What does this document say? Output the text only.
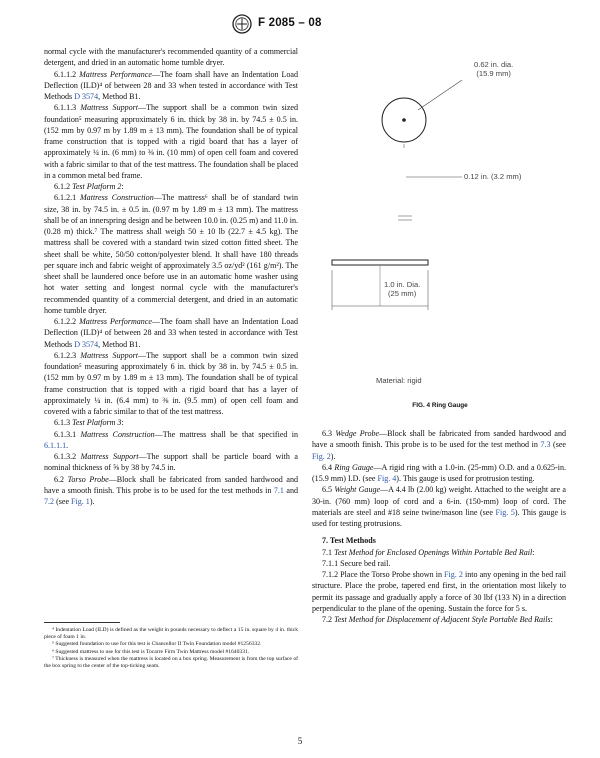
F 2085 – 08

normal cycle with the manufacturer's recommended quantity of a commercial detergent, and dried in an automatic home tumble dryer.

6.1.1.2 Mattress Performance—The foam shall have an Indentation Load Deflection (ILD)⁴ of between 28 and 33 when tested in accordance with Test Methods D 3574, Method B1.

6.1.1.3 Mattress Support—The support shall be a common twin sized foundation⁵ measuring approximately 6 in. thick by 38 in. by 74.5 ± 0.5 in. (152 mm by 0.97 m by 1.89 m ± 13 mm). The foundation shall be of typical frame construction that is topped with a rigid board that has a layer of approximately ¼ in. (6 mm) to ⅜ in. (10 mm) of open cell foam and covered with a fabric similar to that of the test mattress. The foundation shall be placed in a common metal bed frame.

6.1.2 Test Platform 2:

6.1.2.1 Mattress Construction—The mattress⁶ shall be of standard twin size, 38 in. by 74.5 in. ± 0.5 in. (0.97 m by 1.89 m ± 13 mm). The mattress shall be of an innerspring design and be between 10.0 in. (0.25 m) and 11.0 in. (0.28 m) thick.⁷ The mattress shall weigh 50 ± 10 lb (22.7 ± 4.5 kg). The mattress shall be covered with a standard twin sized cotton fitted sheet. The sheet shall be white, 50/50 cotton/polyester blend. It shall have 180 threads per square inch and fabric weight of approximately 3.5 oz/yd² (161 g/m²). The sheet shall be laundered once before use in an automatic home washer using hot water setting and longest normal cycle with the manufacturer's recommended quantity of a commercial detergent, and dried in an automatic home tumble dryer.

6.1.2.2 Mattress Performance—The foam shall have an Indentation Load Deflection (ILD)⁴ of between 28 and 33 when tested in accordance with Test Methods D 3574, Method B1.

6.1.2.3 Mattress Support—The support shall be a common twin sized foundation⁵ measuring approximately 6 in. thick by 38 in. by 74.5 ± 0.5 in. (152 mm by 0.97 m by 1.89 m ± 13 mm). The foundation shall be of typical frame construction that is topped with a rigid board that has a layer of approximately ¼ in. (6.4 mm) to ⅜ in. (9.5 mm) of open cell foam and covered with a fabric similar to that of the test mattress.

6.1.3 Test Platform 3:

6.1.3.1 Mattress Construction—The mattress shall be that specified in 6.1.1.1.

6.1.3.2 Mattress Support—The support shall be particle board with a nominal thickness of ⅝ by 38 by 74.5 in.

6.2 Torso Probe—Block shall be fabricated from sanded hardwood and have a smooth finish. This probe is to be used for the test methods in 7.1 and 7.2 (see Fig. 1).

⁴ Indentation Load (ILD) is defined as the weight in pounds necessary to deflect a 15 in. square by 4 in. thick piece of foam 1 in.

⁵ Suggested foundation to use for this test is Chancellor II Twin Foundation model #1256332.

⁶ Suggested mattress to use for this test is Tocarre Firm Twin Mattress model #1640331.

⁷ Thickness is measured when the mattress is located on a box spring. Measurement is from the top surface of the box spring to the center of the top-ticking seam.

0.62 in. dia.
(15.9 mm)
0.12 in. (3.2 mm)
1.0 in. Dia.
(25 mm)
Material: rigid
FIG. 4 Ring Gauge

6.3 Wedge Probe—Block shall be fabricated from sanded hardwood and have a smooth finish. This probe is to be used for the test method in 7.3 (see Fig. 2).

6.4 Ring Gauge—A rigid ring with a 1.0-in. (25-mm) O.D. and a 0.625-in. (15.9 mm) I.D. (see Fig. 4). This gauge is used for protrusion testing.

6.5 Weight Gauge—A 4.4 lb (2.00 kg) weight. Attached to the weight are a 30-in. (760 mm) loop of cord and a 6-in. (150-mm) loop of cord. The materials are steel and #18 seine twine/mason line (see Fig. 5). This gauge is used for testing protrusions.

7. Test Methods

7.1 Test Method for Enclosed Openings Within Portable Bed Rail:

7.1.1 Secure bed rail.

7.1.2 Place the Torso Probe shown in Fig. 2 into any opening in the bed rail structure. Place the probe, tapered end first, in the orientation most likely to permit its passage and gradually apply a force of 30 lbf (133 N) in a direction perpendicular to the plane of the opening. Sustain the force for 5 s.

7.2 Test Method for Displacement of Adjacent Style Portable Bed Rails:

5
